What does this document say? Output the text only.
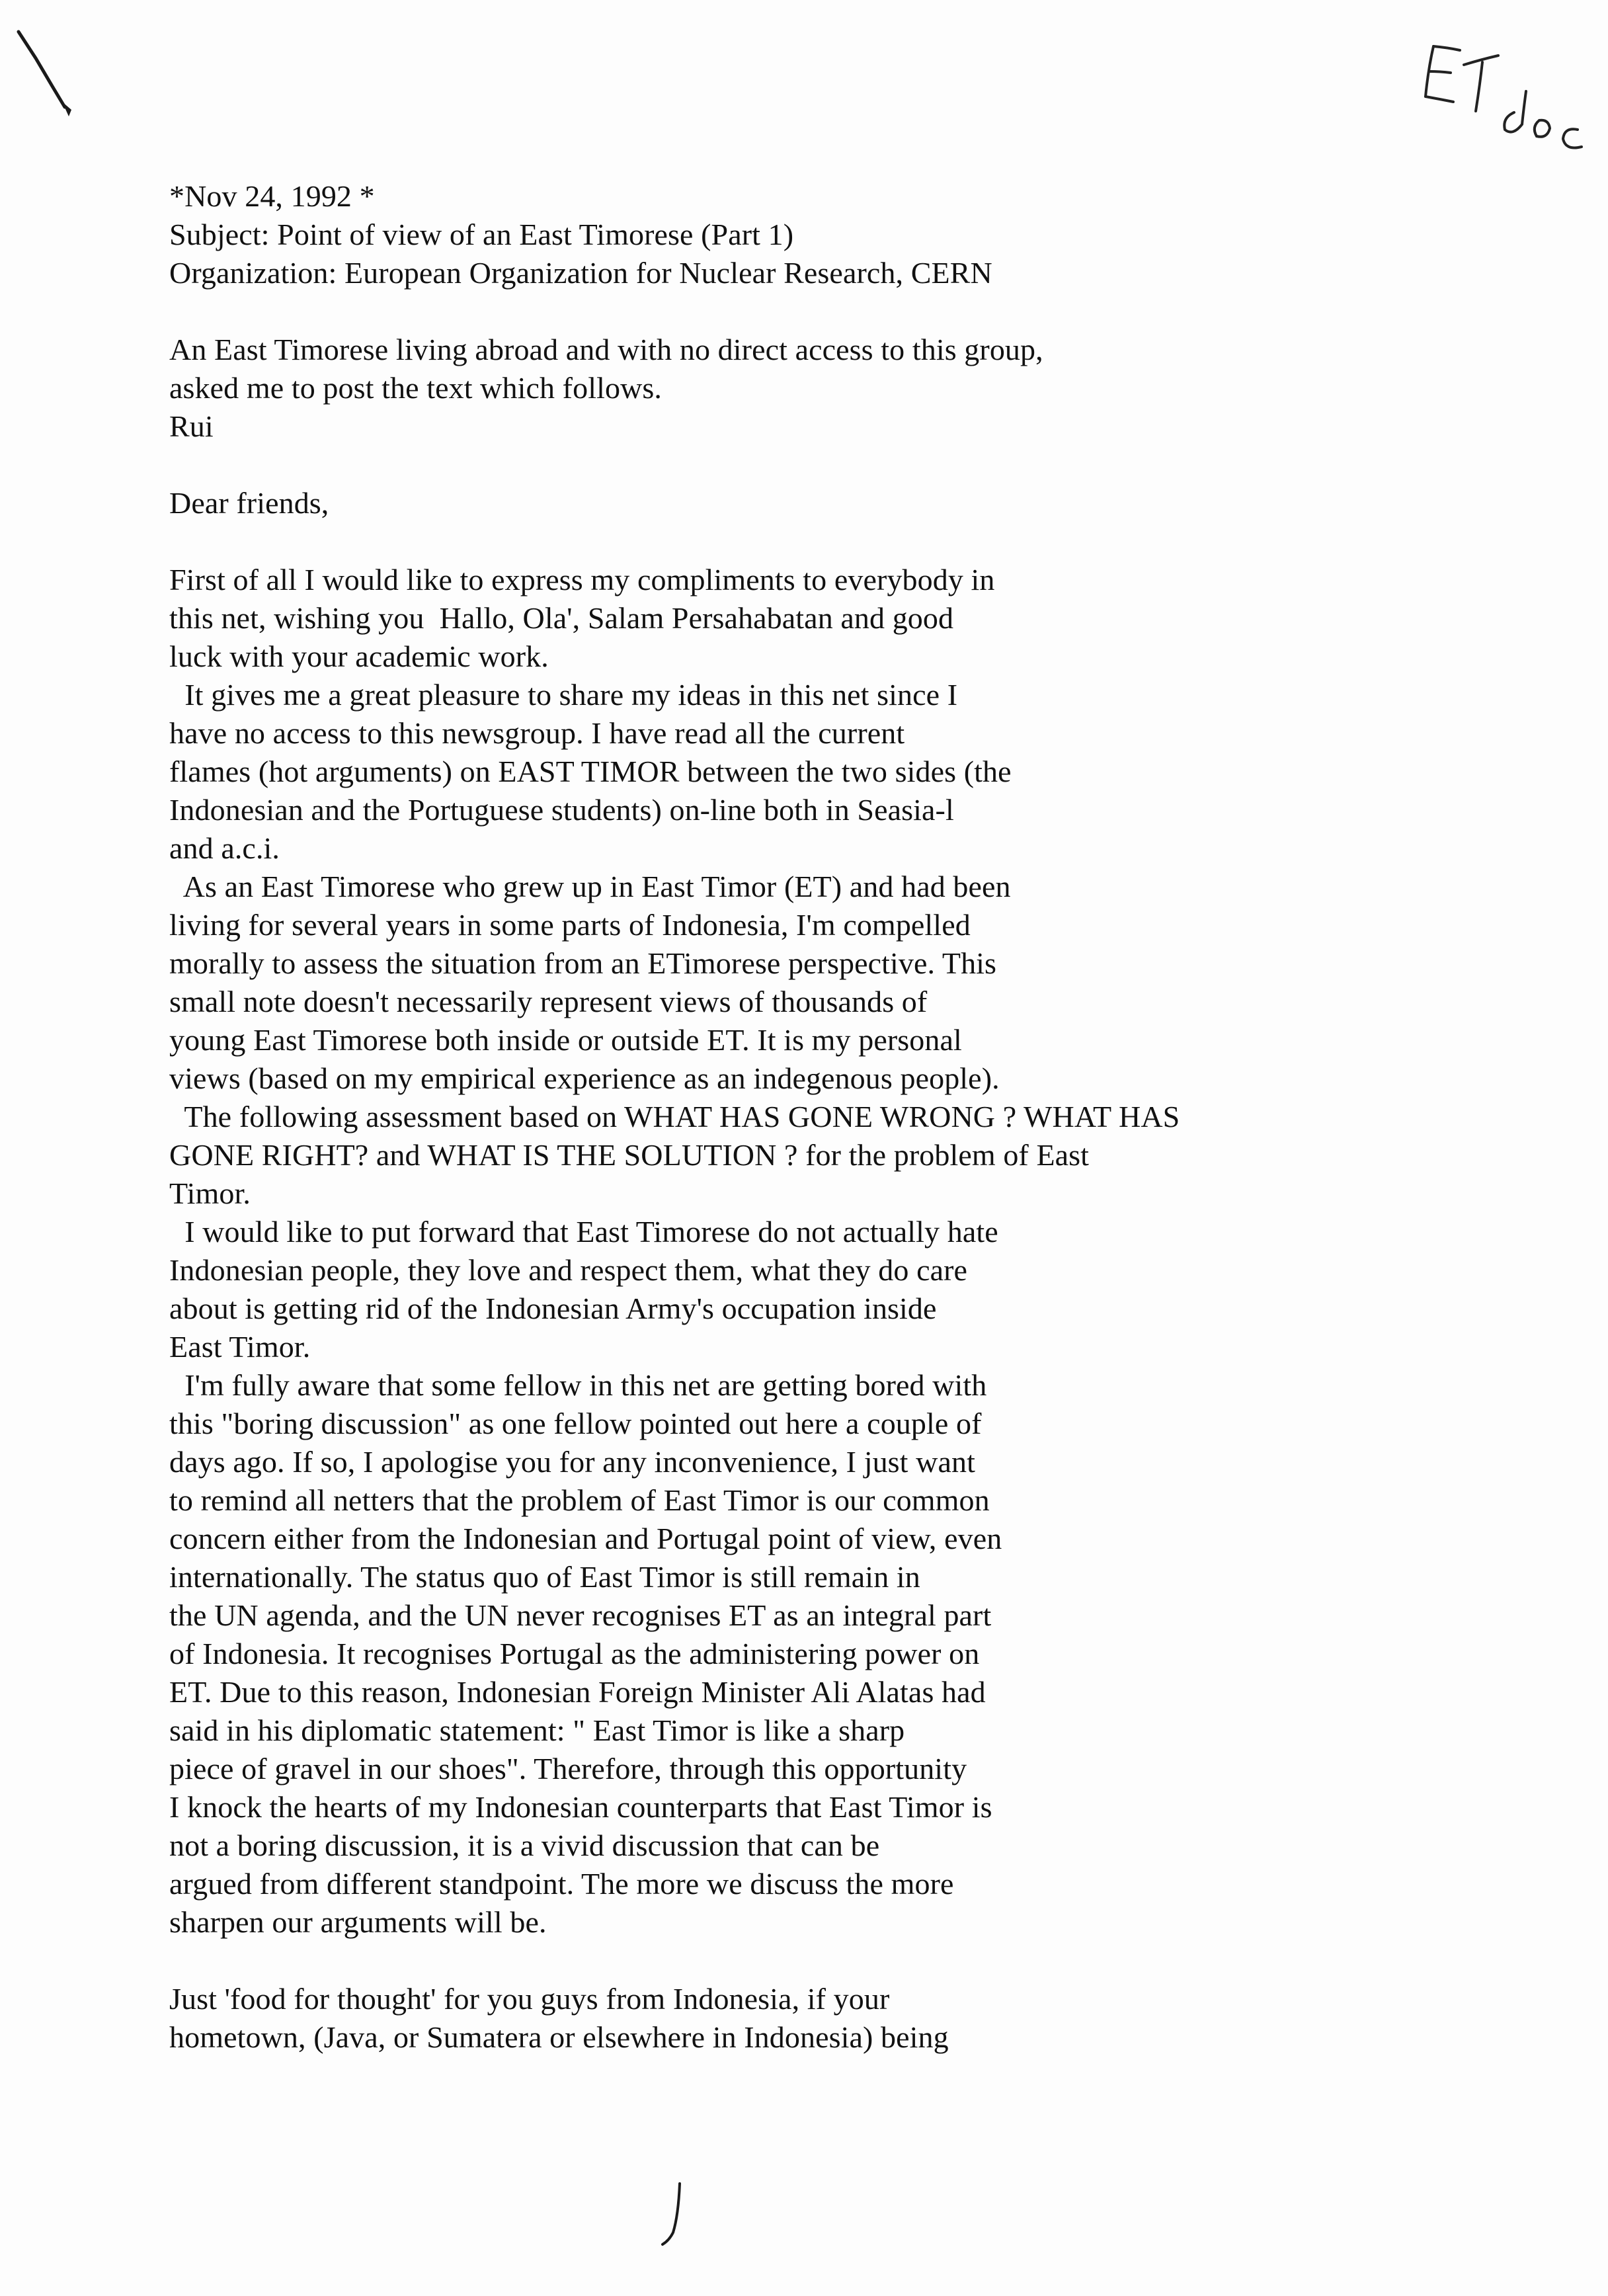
*Nov 24, 1992 *
Subject: Point of view of an East Timorese (Part 1)
Organization: European Organization for Nuclear Research, CERN
An East Timorese living abroad and with no direct access to this group,
asked me to post the text which follows.
Rui
Dear friends,
First of all I would like to express my compliments to everybody in
this net, wishing you  Hallo, Ola', Salam Persahabatan and good
luck with your academic work.
It gives me a great pleasure to share my ideas in this net since I
have no access to this newsgroup. I have read all the current
flames (hot arguments) on EAST TIMOR between the two sides (the
Indonesian and the Portuguese students) on-line both in Seasia-l
and a.c.i.
As an East Timorese who grew up in East Timor (ET) and had been
living for several years in some parts of Indonesia, I'm compelled
morally to assess the situation from an ETimorese perspective. This
small note doesn't necessarily represent views of thousands of
young East Timorese both inside or outside ET. It is my personal
views (based on my empirical experience as an indegenous people).
The following assessment based on WHAT HAS GONE WRONG ? WHAT HAS
GONE RIGHT? and WHAT IS THE SOLUTION ? for the problem of East
Timor.
I would like to put forward that East Timorese do not actually hate
Indonesian people, they love and respect them, what they do care
about is getting rid of the Indonesian Army's occupation inside
East Timor.
I'm fully aware that some fellow in this net are getting bored with
this "boring discussion" as one fellow pointed out here a couple of
days ago. If so, I apologise you for any inconvenience, I just want
to remind all netters that the problem of East Timor is our common
concern either from the Indonesian and Portugal point of view, even
internationally. The status quo of East Timor is still remain in
the UN agenda, and the UN never recognises ET as an integral part
of Indonesia. It recognises Portugal as the administering power on
ET. Due to this reason, Indonesian Foreign Minister Ali Alatas had
said in his diplomatic statement: " East Timor is like a sharp
piece of gravel in our shoes". Therefore, through this opportunity
I knock the hearts of my Indonesian counterparts that East Timor is
not a boring discussion, it is a vivid discussion that can be
argued from different standpoint. The more we discuss the more
sharpen our arguments will be.
Just 'food for thought' for you guys from Indonesia, if your
hometown, (Java, or Sumatera or elsewhere in Indonesia) being
